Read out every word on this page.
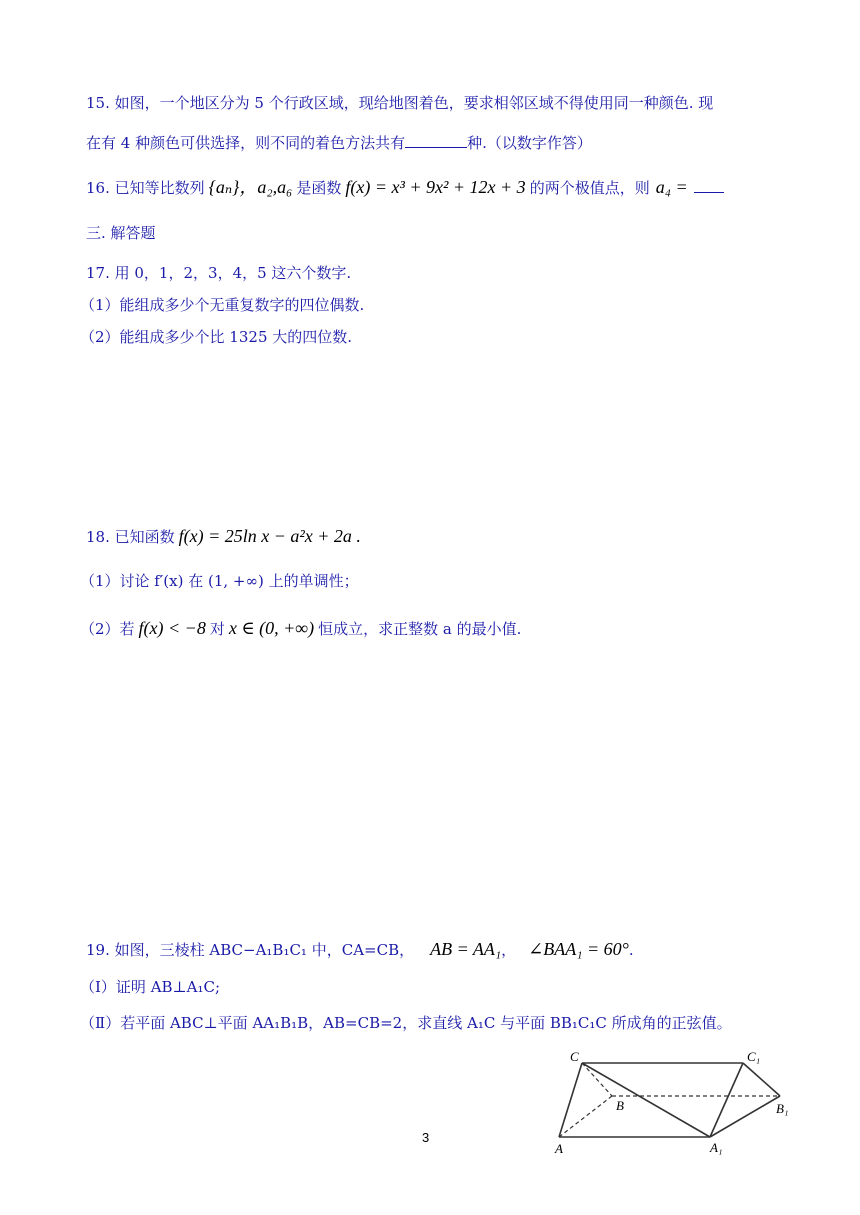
15. 如图，一个地区分为 5 个行政区域，现给地图着色，要求相邻区域不得使用同一种颜色. 现
在有 4 种颜色可供选择，则不同的着色方法共有	种.（以数字作答）
16. 已知等比数列 {aₙ}，a₂,a₆ 是函数 f(x) = x³ + 9x² + 12x + 3 的两个极值点，则 a₄ =
三. 解答题
17. 用 0，1，2，3，4，5 这六个数字.
（1）能组成多少个无重复数字的四位偶数.
（2）能组成多少个比 1325 大的四位数.
18. 已知函数 f(x) = 25ln x − a²x + 2a .
（1）讨论 f′(x) 在 (1, +∞) 上的单调性；
（2）若 f(x) < −8 对 x ∈ (0, +∞) 恒成立，求正整数 a 的最小值.
19. 如图，三棱柱 ABC−A₁B₁C₁ 中，CA=CB， AB = AA₁， ∠BAA₁ = 60°.
（Ⅰ）证明 AB⊥A₁C;
（Ⅱ）若平面 ABC⊥平面 AA₁B₁B，AB=CB=2，求直线 A₁C 与平面 BB₁C₁C 所成角的正弦值。
C	C₁
B	B₁
A	A₁
3
